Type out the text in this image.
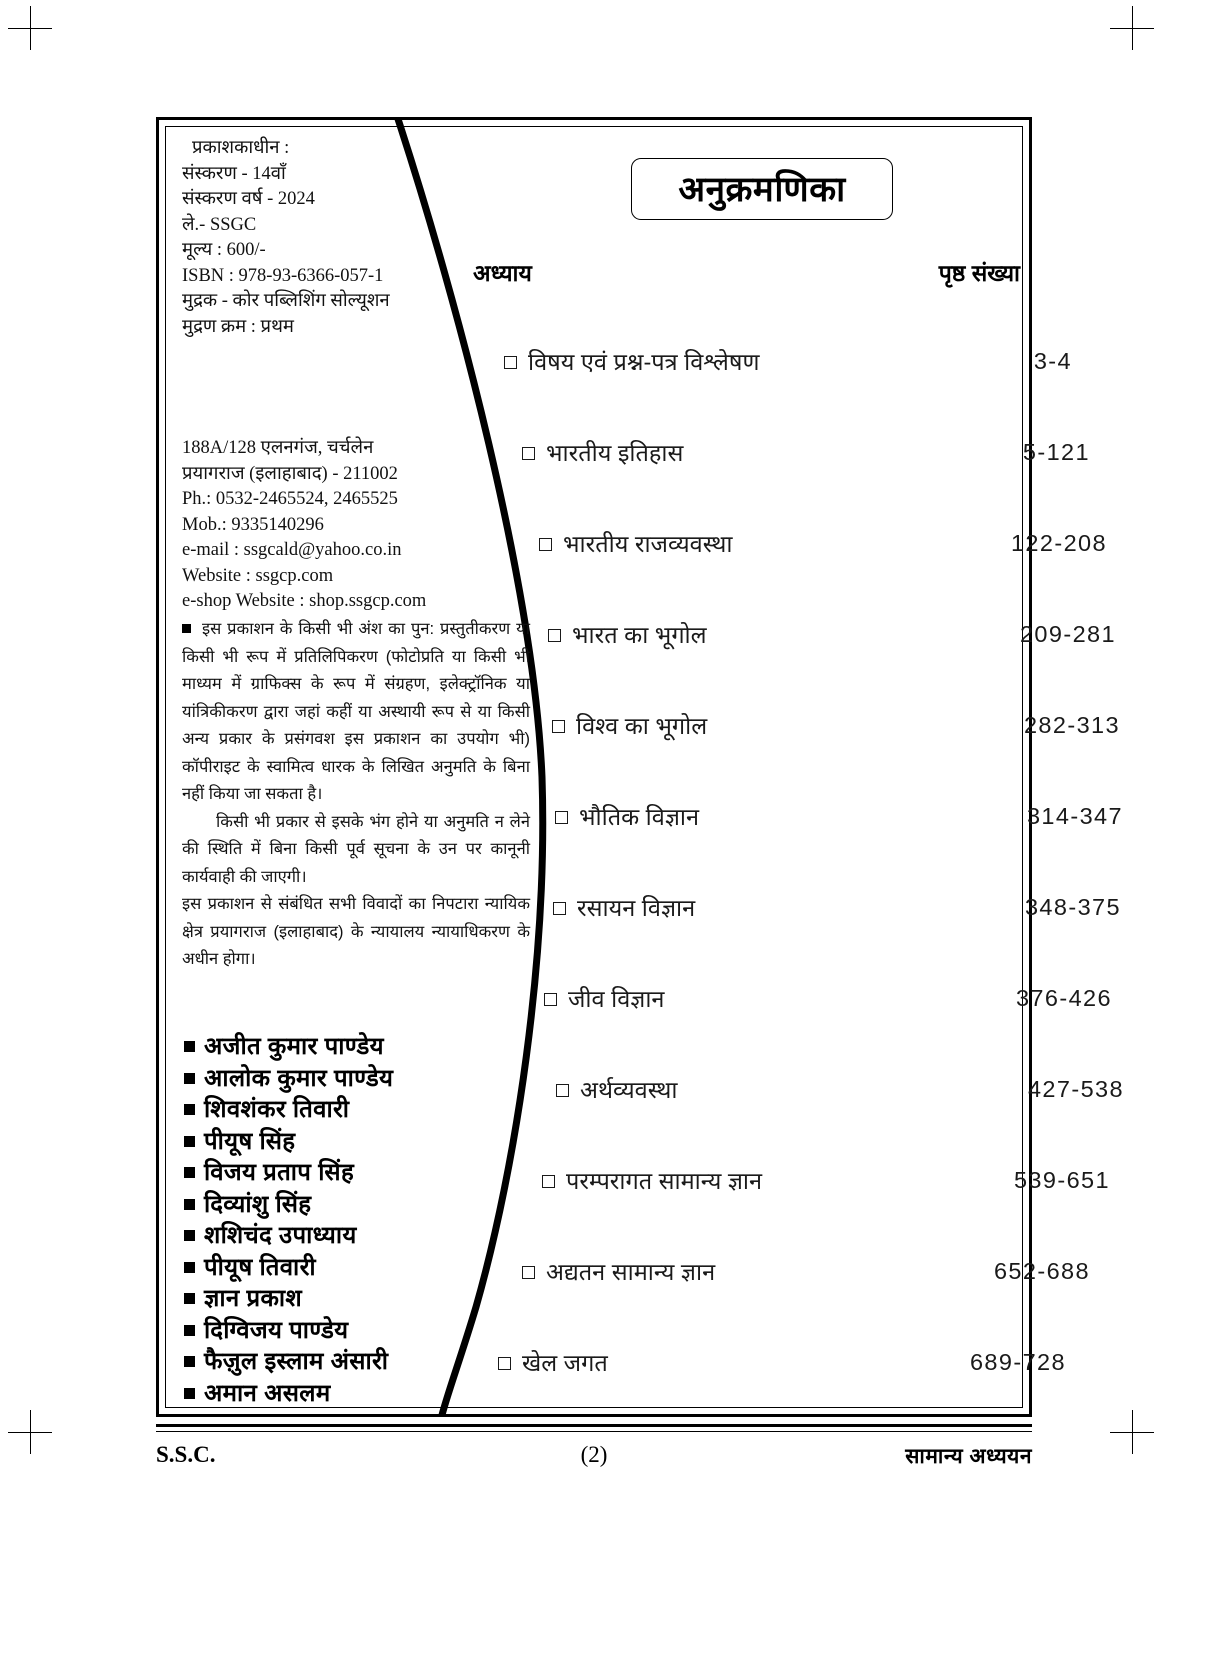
प्रकाशकाधीन :
संस्करण - 14वाँ
संस्करण वर्ष - 2024
ले.- SSGC
मूल्य : 600/-
ISBN : 978-93-6366-057-1
मुद्रक - कोर पब्लिशिंग सोल्यूशन
मुद्रण क्रम : प्रथम
188A/128 एलनगंज, चर्चलेन
प्रयागराज (इलाहाबाद) - 211002
Ph.: 0532-2465524, 2465525
Mob.: 9335140296
e-mail : ssgcald@yahoo.co.in
Website : ssgcp.com
e-shop Website : shop.ssgcp.com

इस प्रकाशन के किसी भी अंश का पुन: प्रस्तुतीकरण या किसी भी रूप में प्रतिलिपिकरण (फोटोप्रति या किसी भी माध्यम में ग्राफिक्स के रूप में संग्रहण, इलेक्ट्रॉनिक या यांत्रिकीकरण द्वारा जहां कहीं या अस्थायी रूप से या किसी अन्य प्रकार के प्रसंगवश इस प्रकाशन का उपयोग भी) कॉपीराइट के स्वामित्व धारक के लिखित अनुमति के बिना नहीं किया जा सकता है।

किसी भी प्रकार से इसके भंग होने या अनुमति न लेने की स्थिति में बिना किसी पूर्व सूचना के उन पर कानूनी कार्यवाही की जाएगी।

इस प्रकाशन से संबंधित सभी विवादों का निपटारा न्यायिक क्षेत्र प्रयागराज (इलाहाबाद) के न्यायालय न्यायाधिकरण के अधीन होगा।

अजीत कुमार पाण्डेय
आलोक कुमार पाण्डेय
शिवशंकर तिवारी
पीयूष सिंह
विजय प्रताप सिंह
दिव्यांशु सिंह
शशिचंद उपाध्याय
पीयूष तिवारी
ज्ञान प्रकाश
दिग्विजय पाण्डेय
फैज़ुल इस्लाम अंसारी
अमान असलम
अनुक्रमणिका
अध्याय	पृष्ठ संख्या
विषय एवं प्रश्न-पत्र विश्लेषण	3-4
भारतीय इतिहास	5-121
भारतीय राजव्यवस्था	122-208
भारत का भूगोल	209-281
विश्व का भूगोल	282-313
भौतिक विज्ञान	314-347
रसायन विज्ञान	348-375
जीव विज्ञान	376-426
अर्थव्यवस्था	427-538
परम्परागत सामान्य ज्ञान	539-651
अद्यतन सामान्य ज्ञान	652-688
खेल जगत	689-728
S.S.C.	(2)	सामान्य अध्ययन
